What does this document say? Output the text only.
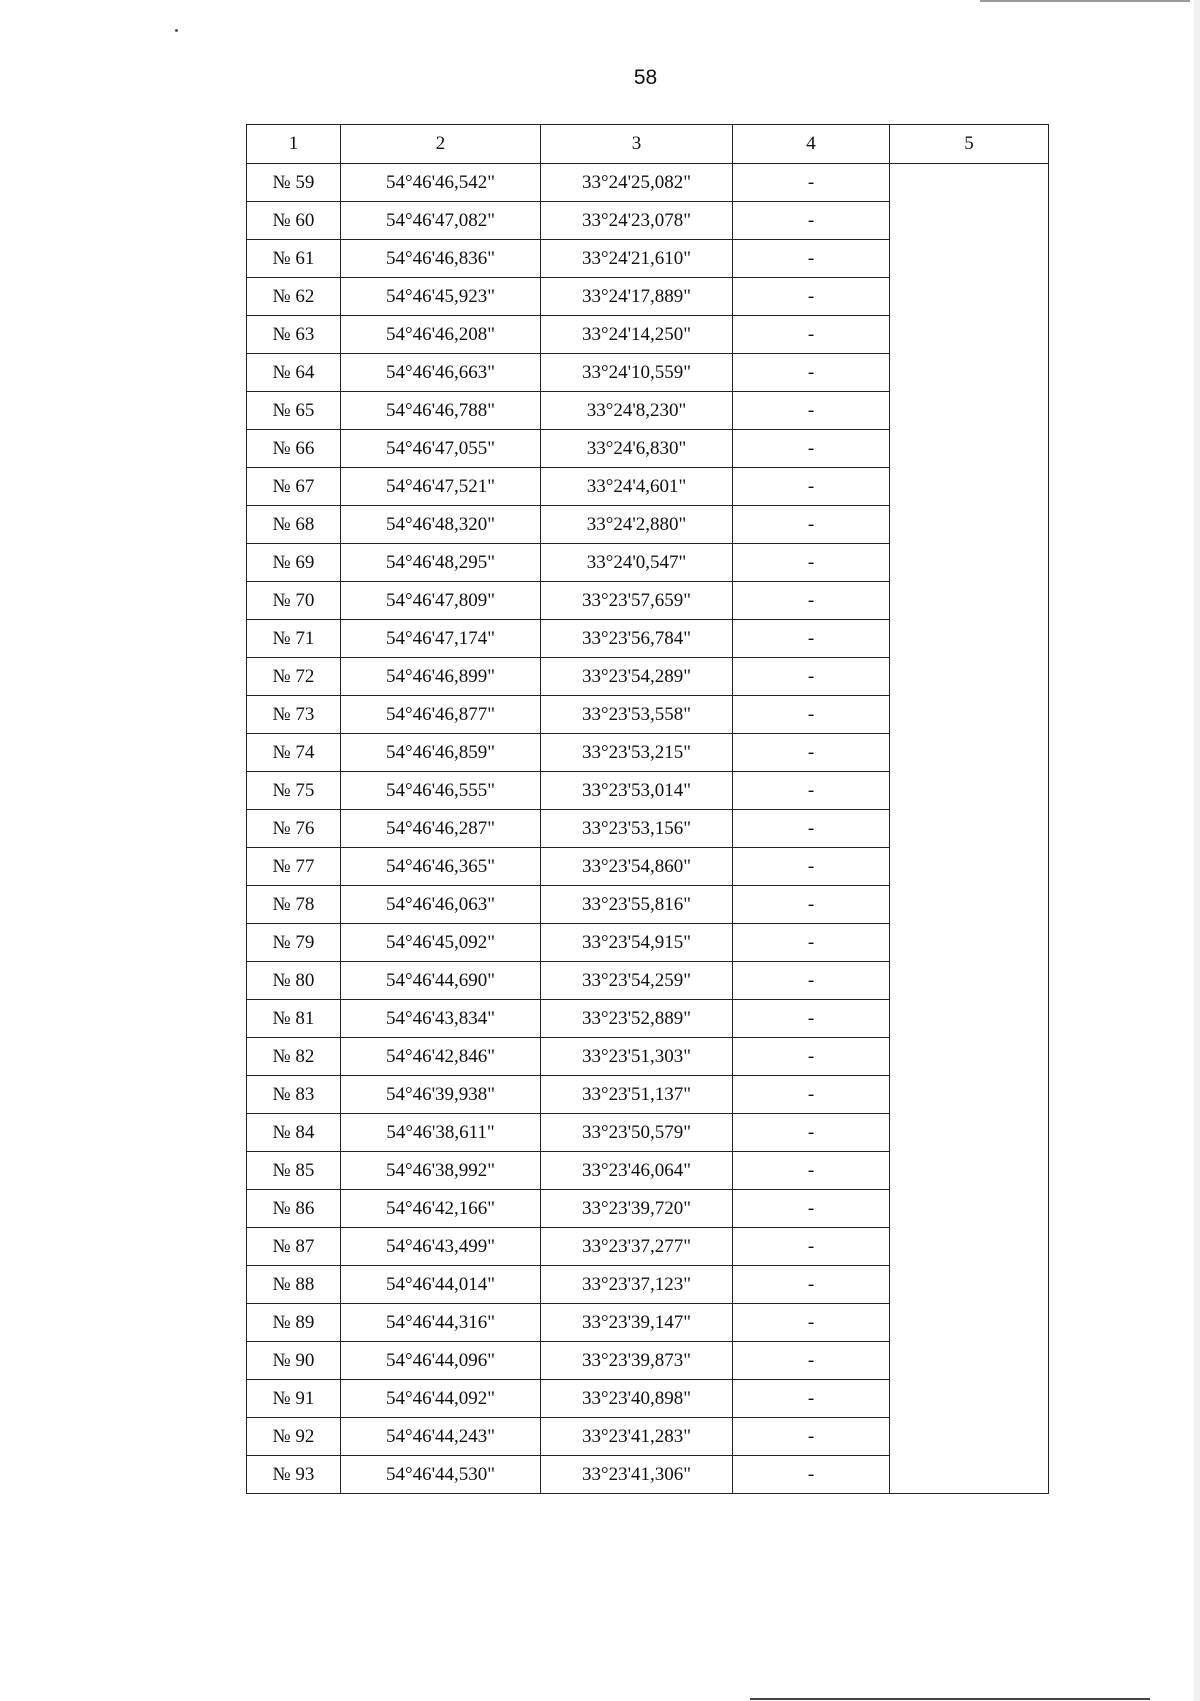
58
1	2	3	4	5
№ 59	54°46'46,542"	33°24'25,082"	-	
№ 60	54°46'47,082"	33°24'23,078"	-	
№ 61	54°46'46,836"	33°24'21,610"	-	
№ 62	54°46'45,923"	33°24'17,889"	-	
№ 63	54°46'46,208"	33°24'14,250"	-	
№ 64	54°46'46,663"	33°24'10,559"	-	
№ 65	54°46'46,788"	33°24'8,230"	-	
№ 66	54°46'47,055"	33°24'6,830"	-	
№ 67	54°46'47,521"	33°24'4,601"	-	
№ 68	54°46'48,320"	33°24'2,880"	-	
№ 69	54°46'48,295"	33°24'0,547"	-	
№ 70	54°46'47,809"	33°23'57,659"	-	
№ 71	54°46'47,174"	33°23'56,784"	-	
№ 72	54°46'46,899"	33°23'54,289"	-	
№ 73	54°46'46,877"	33°23'53,558"	-	
№ 74	54°46'46,859"	33°23'53,215"	-	
№ 75	54°46'46,555"	33°23'53,014"	-	
№ 76	54°46'46,287"	33°23'53,156"	-	
№ 77	54°46'46,365"	33°23'54,860"	-	
№ 78	54°46'46,063"	33°23'55,816"	-	
№ 79	54°46'45,092"	33°23'54,915"	-	
№ 80	54°46'44,690"	33°23'54,259"	-	
№ 81	54°46'43,834"	33°23'52,889"	-	
№ 82	54°46'42,846"	33°23'51,303"	-	
№ 83	54°46'39,938"	33°23'51,137"	-	
№ 84	54°46'38,611"	33°23'50,579"	-	
№ 85	54°46'38,992"	33°23'46,064"	-	
№ 86	54°46'42,166"	33°23'39,720"	-	
№ 87	54°46'43,499"	33°23'37,277"	-	
№ 88	54°46'44,014"	33°23'37,123"	-	
№ 89	54°46'44,316"	33°23'39,147"	-	
№ 90	54°46'44,096"	33°23'39,873"	-	
№ 91	54°46'44,092"	33°23'40,898"	-	
№ 92	54°46'44,243"	33°23'41,283"	-	
№ 93	54°46'44,530"	33°23'41,306"	-	
